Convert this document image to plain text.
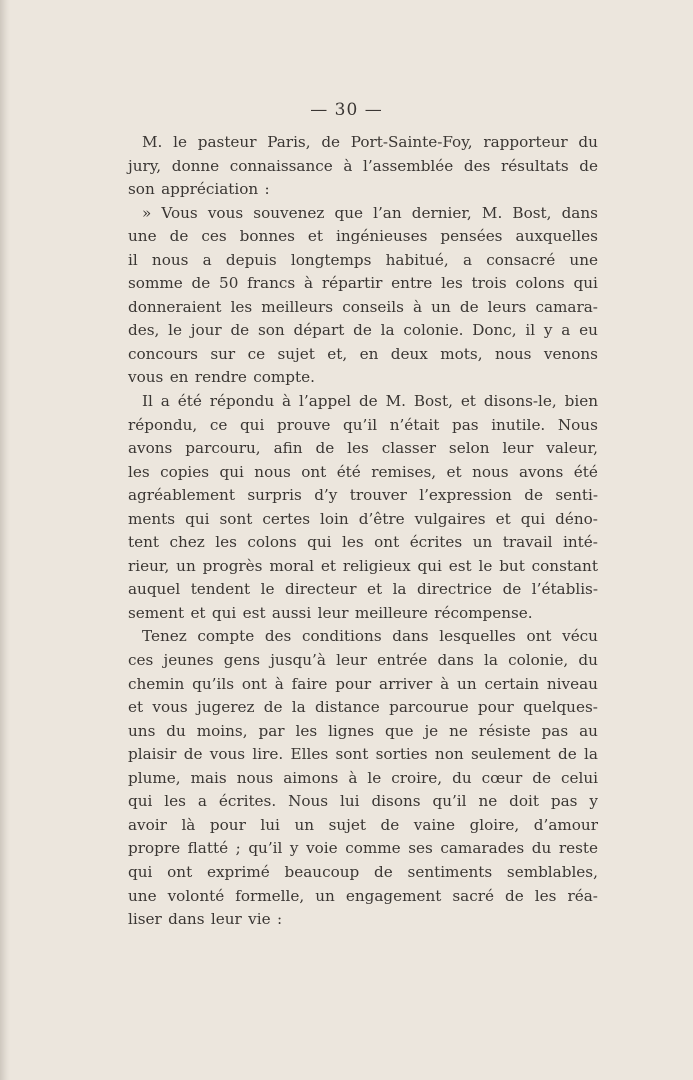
— 30 —
M. le pasteur Paris, de Port-Sainte-Foy, rapporteur du
jury, donne connaissance à l’assemblée des résultats de
son appréciation :
» Vous vous souvenez que l’an dernier, M. Bost, dans
une de ces bonnes et ingénieuses pensées auxquelles
il nous a depuis longtemps habitué, a consacré une
somme de 50 francs à répartir entre les trois colons qui
donneraient les meilleurs conseils à un de leurs camara-
des, le jour de son départ de la colonie. Donc, il y a eu
concours sur ce sujet et, en deux mots, nous venons
vous en rendre compte.
Il a été répondu à l’appel de M. Bost, et disons-le, bien
répondu, ce qui prouve qu’il n’était pas inutile. Nous
avons parcouru, afin de les classer selon leur valeur,
les copies qui nous ont été remises, et nous avons été
agréablement surpris d’y trouver l’expression de senti-
ments qui sont certes loin d’être vulgaires et qui déno-
tent chez les colons qui les ont écrites un travail inté-
rieur, un progrès moral et religieux qui est le but constant
auquel tendent le directeur et la directrice de l’établis-
sement et qui est aussi leur meilleure récompense.
Tenez compte des conditions dans lesquelles ont vécu
ces jeunes gens jusqu’à leur entrée dans la colonie, du
chemin qu’ils ont à faire pour arriver à un certain niveau
et vous jugerez de la distance parcourue pour quelques-
uns du moins, par les lignes que je ne résiste pas au
plaisir de vous lire. Elles sont sorties non seulement de la
plume, mais nous aimons à le croire, du cœur de celui
qui les a écrites. Nous lui disons qu’il ne doit pas y
avoir là pour lui un sujet de vaine gloire, d’amour
propre flatté ; qu’il y voie comme ses camarades du reste
qui ont exprimé beaucoup de sentiments semblables,
une volonté formelle, un engagement sacré de les réa-
liser dans leur vie :
